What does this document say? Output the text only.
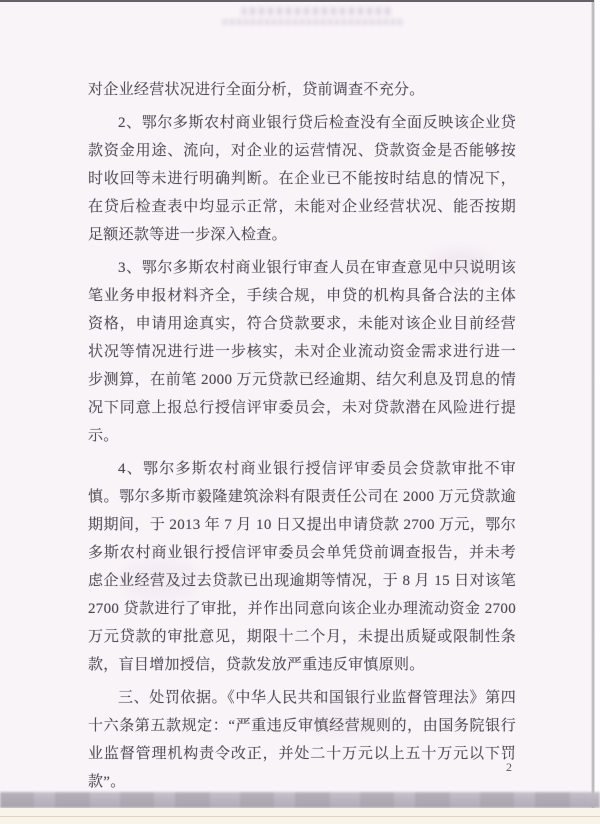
对企业经营状况进行全面分析，贷前调查不充分。

2、鄂尔多斯农村商业银行贷后检查没有全面反映该企业贷款资金用途、流向，对企业的运营情况、贷款资金是否能够按时收回等未进行明确判断。在企业已不能按时结息的情况下，在贷后检查表中均显示正常，未能对企业经营状况、能否按期足额还款等进一步深入检查。

3、鄂尔多斯农村商业银行审查人员在审查意见中只说明该笔业务申报材料齐全，手续合规，申贷的机构具备合法的主体资格，申请用途真实，符合贷款要求，未能对该企业目前经营状况等情况进行进一步核实，未对企业流动资金需求进行进一步测算，在前笔 2000 万元贷款已经逾期、结欠利息及罚息的情况下同意上报总行授信评审委员会，未对贷款潜在风险进行提示。

4、鄂尔多斯农村商业银行授信评审委员会贷款审批不审慎。鄂尔多斯市毅隆建筑涂料有限责任公司在 2000 万元贷款逾期期间，于 2013 年 7 月 10 日又提出申请贷款 2700 万元，鄂尔多斯农村商业银行授信评审委员会单凭贷前调查报告，并未考虑企业经营及过去贷款已出现逾期等情况，于 8 月 15 日对该笔 2700 贷款进行了审批，并作出同意向该企业办理流动资金 2700 万元贷款的审批意见，期限十二个月，未提出质疑或限制性条款，盲目增加授信，贷款发放严重违反审慎原则。

三、处罚依据。《中华人民共和国银行业监督管理法》第四十六条第五款规定：“严重违反审慎经营规则的，由国务院银行业监督管理机构责令改正，并处二十万元以上五十万元以下罚款”。

2
